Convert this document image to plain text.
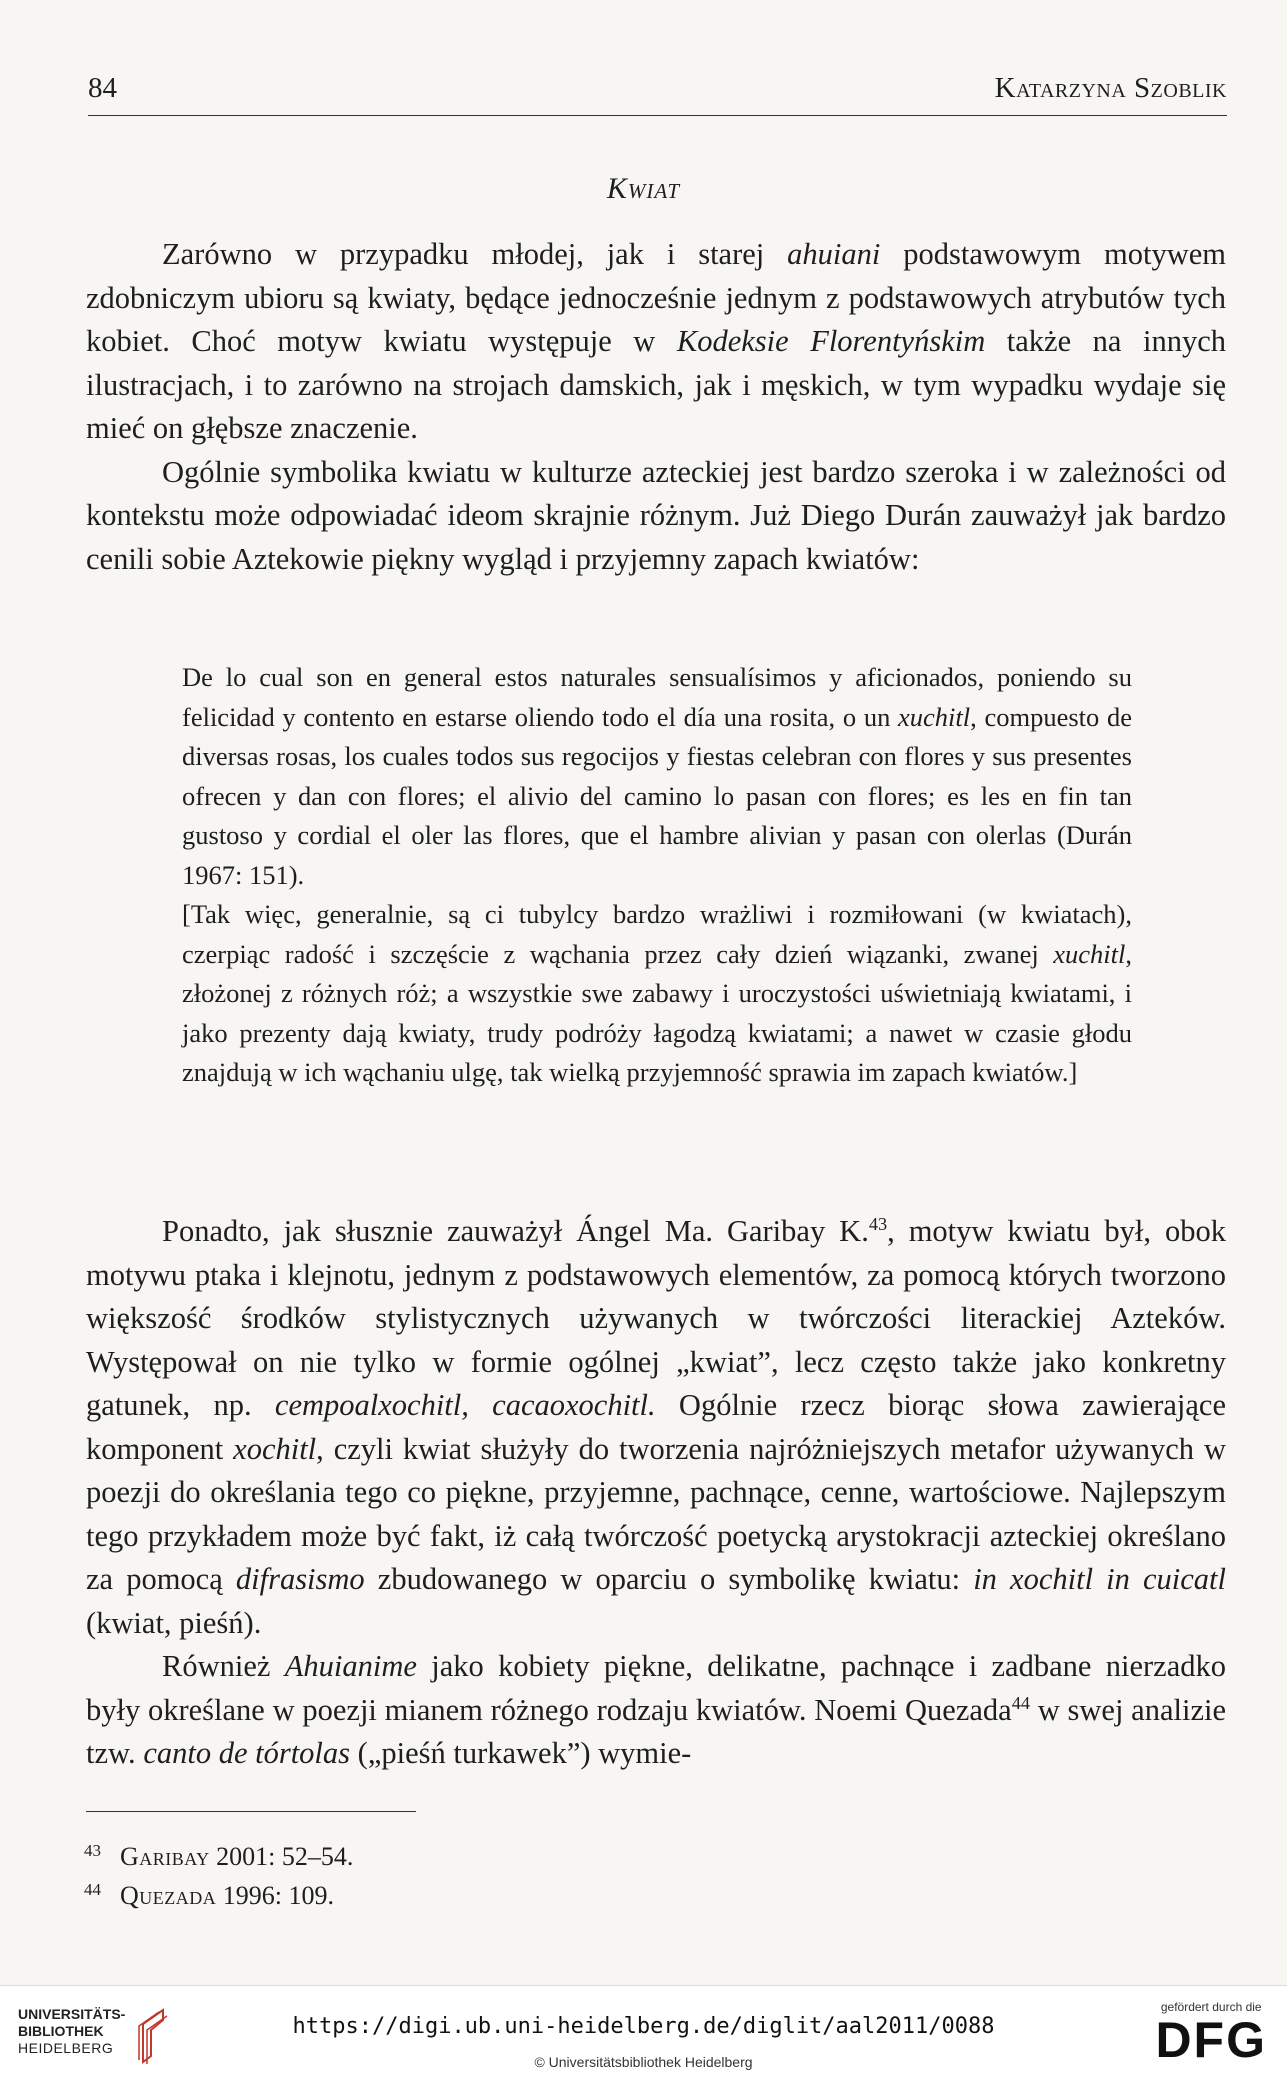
84	Katarzyna Szoblik
Kwiat

Zarówno w przypadku młodej, jak i starej ahuiani podstawowym motywem zdobniczym ubioru są kwiaty, będące jednocześnie jednym z podstawowych atrybutów tych kobiet. Choć motyw kwiatu występuje w Kodeksie Florentyńskim także na innych ilustracjach, i to zarówno na strojach damskich, jak i męskich, w tym wypadku wydaje się mieć on głębsze znaczenie.

Ogólnie symbolika kwiatu w kulturze azteckiej jest bardzo szeroka i w zależności od kontekstu może odpowiadać ideom skrajnie różnym. Już Diego Durán zauważył jak bardzo cenili sobie Aztekowie piękny wygląd i przyjemny zapach kwiatów:

De lo cual son en general estos naturales sensualísimos y aficionados, poniendo su felicidad y contento en estarse oliendo todo el día una rosita, o un xuchitl, compuesto de diversas rosas, los cuales todos sus regocijos y fiestas celebran con flores y sus presentes ofrecen y dan con flores; el alivio del camino lo pasan con flores; es les en fin tan gustoso y cordial el oler las flores, que el hambre alivian y pasan con olerlas (Durán 1967: 151).

[Tak więc, generalnie, są ci tubylcy bardzo wrażliwi i rozmiłowani (w kwiatach), czerpiąc radość i szczęście z wąchania przez cały dzień wiązanki, zwanej xuchitl, złożonej z różnych róż; a wszystkie swe zabawy i uroczystości uświetniają kwiatami, i jako prezenty dają kwiaty, trudy podróży łagodzą kwiatami; a nawet w czasie głodu znajdują w ich wąchaniu ulgę, tak wielką przyjemność sprawia im zapach kwiatów.]

Ponadto, jak słusznie zauważył Ángel Ma. Garibay K.$^{43}$, motyw kwiatu był, obok motywu ptaka i klejnotu, jednym z podstawowych elementów, za pomocą których tworzono większość środków stylistycznych używanych w twórczości literackiej Azteków. Występował on nie tylko w formie ogólnej „kwiat”, lecz często także jako konkretny gatunek, np. cempoalxochitl, cacaoxochitl. Ogólnie rzecz biorąc słowa zawierające komponent xochitl, czyli kwiat służyły do tworzenia najróżniejszych metafor używanych w poezji do określania tego co piękne, przyjemne, pachnące, cenne, wartościowe. Najlepszym tego przykładem może być fakt, iż całą twórczość poetycką arystokracji azteckiej określano za pomocą difrasismo zbudowanego w oparciu o symbolikę kwiatu: in xochitl in cuicatl (kwiat, pieśń).

Również Ahuianime jako kobiety piękne, delikatne, pachnące i zadbane nierzadko były określane w poezji mianem różnego rodzaju kwiatów. Noemi Quezada$^{44}$ w swej analizie tzw. canto de tórtolas („pieśń turkawek”) wymie-

43 Garibay 2001: 52–54.
44 Quezada 1996: 109.
UNIVERSITÄTS-
BIBLIOTHEK
HEIDELBERG
https://digi.ub.uni-heidelberg.de/diglit/aal2011/0088
© Universitätsbibliothek Heidelberg
gefördert durch die
DFG
